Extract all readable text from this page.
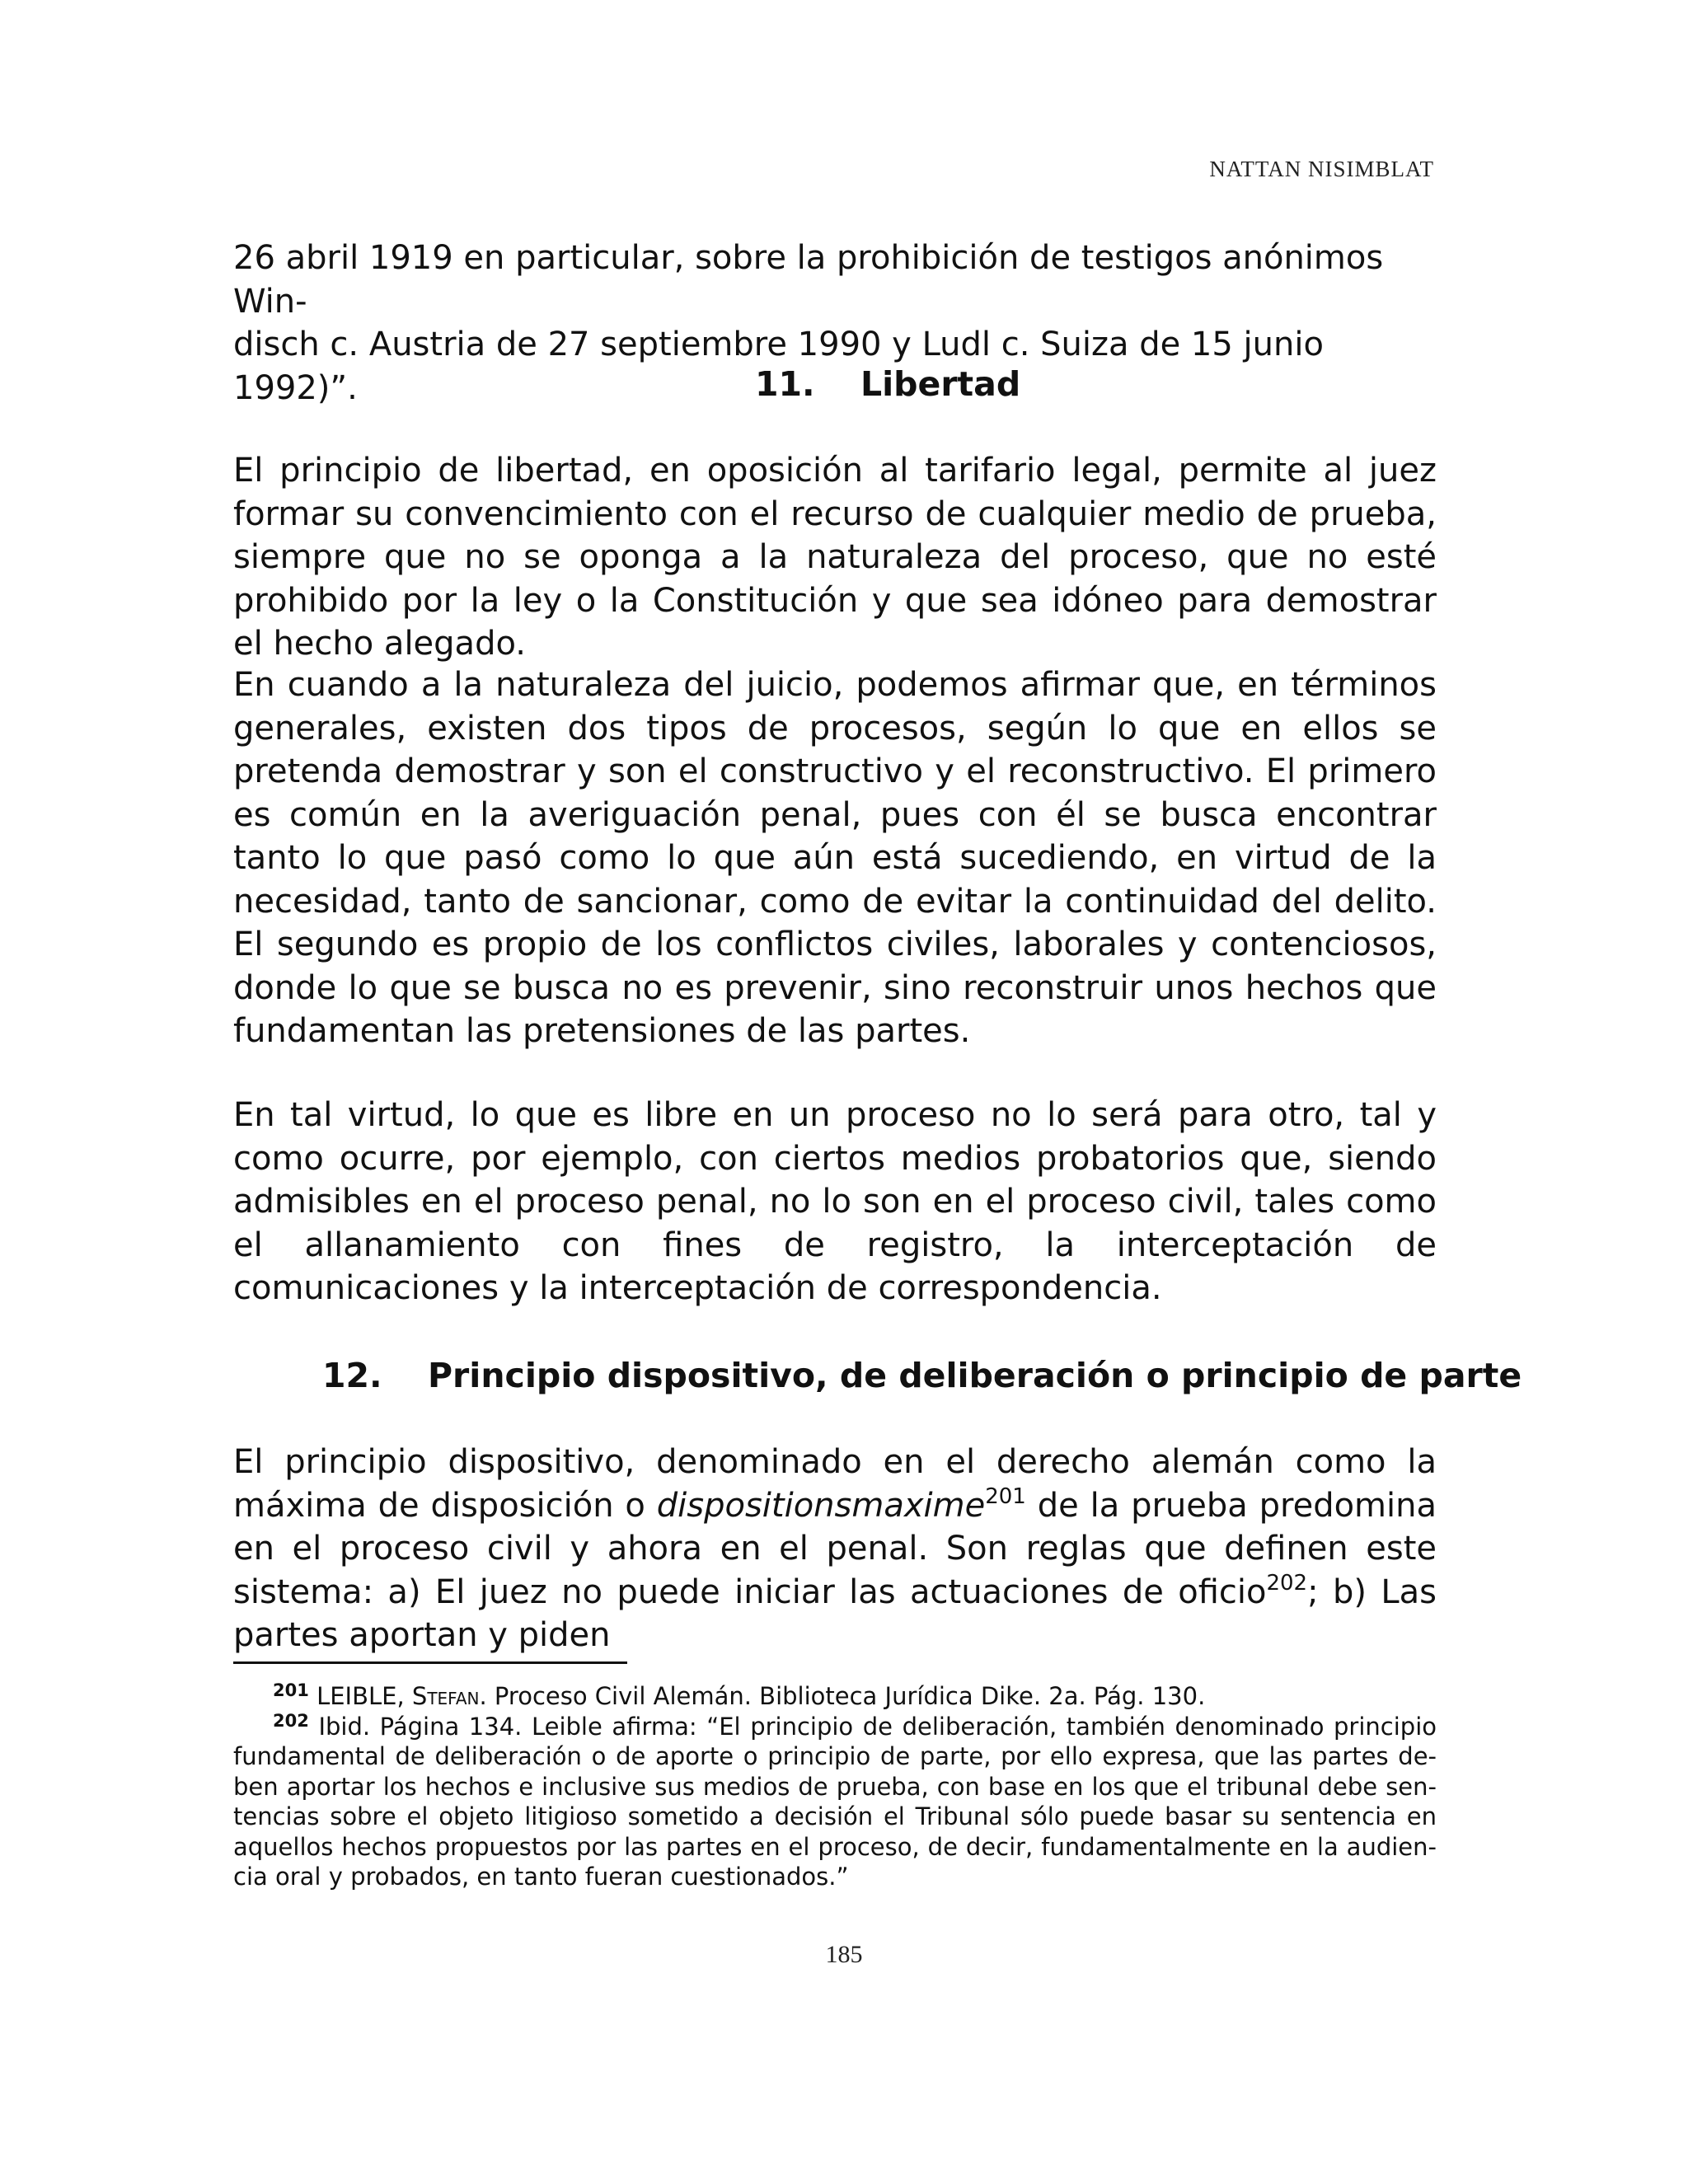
NATTAN NISIMBLAT

26 abril 1919 en particular, sobre la prohibición de testigos anónimos Win-
disch c. Austria de 27 septiembre 1990 y Ludl c. Suiza de 15 junio 1992)”.	11. Libertad

El principio de libertad, en oposición al tarifario legal, permite al juez formar su convencimiento con el recurso de cualquier medio de prueba, siempre que no se oponga a la naturaleza del proceso, que no esté prohibido por la ley o la Constitución y que sea idóneo para demostrar el hecho alegado.

En cuando a la naturaleza del juicio, podemos afirmar que, en términos generales, existen dos tipos de procesos, según lo que en ellos se pretenda demostrar y son el constructivo y el reconstructivo. El primero es común en la averiguación penal, pues con él se busca encontrar tanto lo que pasó como lo que aún está sucediendo, en virtud de la necesidad, tanto de sancionar, como de evitar la continuidad del delito. El segundo es propio de los conflictos civiles, laborales y contenciosos, donde lo que se busca no es prevenir, sino reconstruir unos hechos que fundamentan las pretensiones de las partes.

En tal virtud, lo que es libre en un proceso no lo será para otro, tal y como ocurre, por ejemplo, con ciertos medios probatorios que, siendo admisibles en el proceso penal, no lo son en el proceso civil, tales como el allanamiento con fines de registro, la interceptación de comunicaciones y la interceptación de correspondencia.

12. Principio dispositivo, de deliberación o principio de parte

El principio dispositivo, denominado en el derecho alemán como la máxima de disposición o dispositionsmaxime$^{201}$ de la prueba predomina en el proceso civil y ahora en el penal. Son reglas que definen este sistema: a) El juez no puede iniciar las actuaciones de oficio$^{202}$; b) Las partes aportan y piden

$^{201}$ LEIBLE, Stefan. Proceso Civil Alemán. Biblioteca Jurídica Dike. 2a. Pág. 130.

$^{202}$ Ibid. Página 134. Leible afirma: “El principio de deliberación, también denominado principio fundamental de deliberación o de aporte o principio de parte, por ello expresa, que las partes deben aportar los hechos e inclusive sus medios de prueba, con base en los que el tribunal debe sentencias sobre el objeto litigioso sometido a decisión el Tribunal sólo puede basar su sentencia en aquellos hechos propuestos por las partes en el proceso, de decir, fundamentalmente en la audiencia oral y probados, en tanto fueran cuestionados.”

185
